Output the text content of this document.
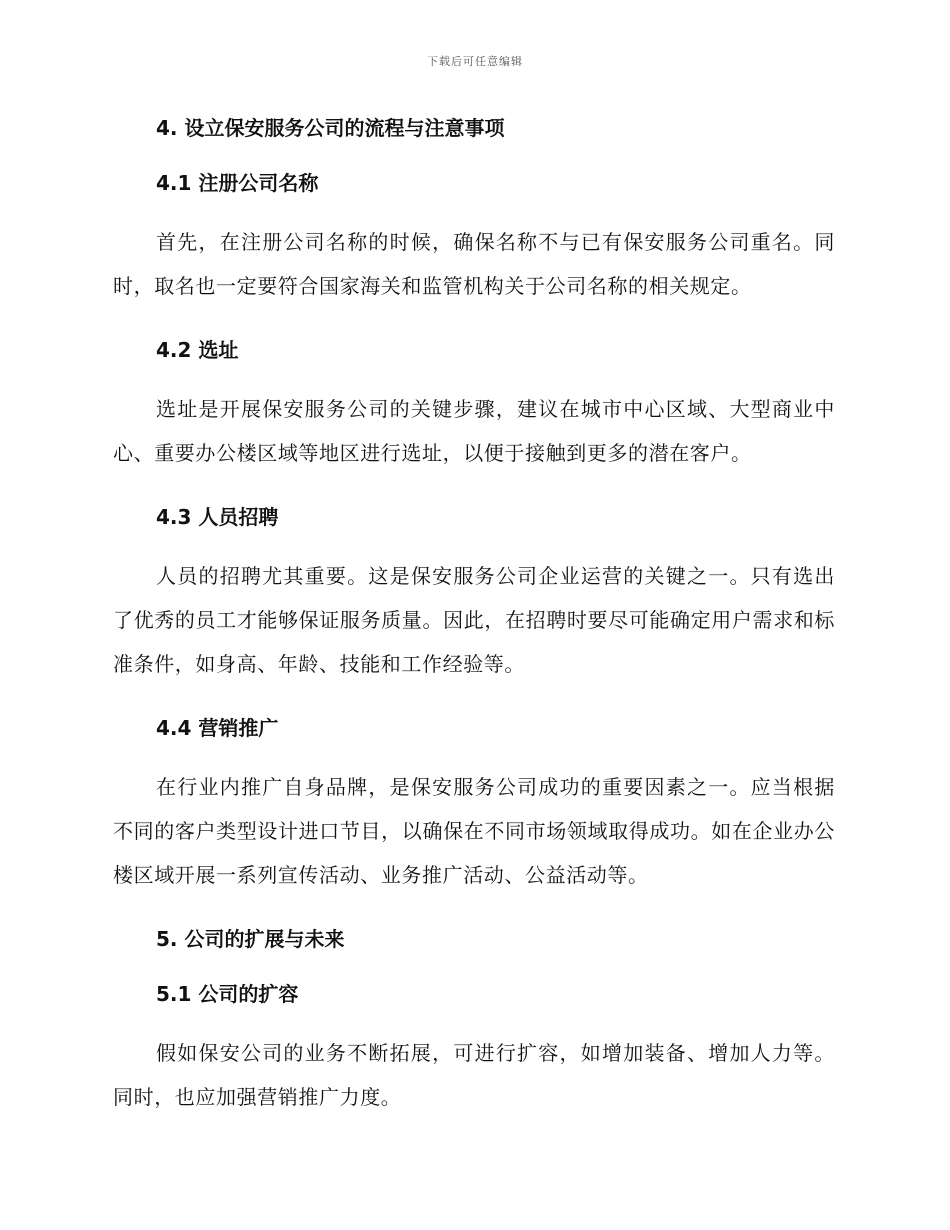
下载后可任意编辑
4. 设立保安服务公司的流程与注意事项
4.1 注册公司名称

首先，在注册公司名称的时候，确保名称不与已有保安服务公司重名。同时，取名也一定要符合国家海关和监管机构关于公司名称的相关规定。

4.2 选址

选址是开展保安服务公司的关键步骤，建议在城市中心区域、大型商业中心、重要办公楼区域等地区进行选址，以便于接触到更多的潜在客户。

4.3 人员招聘

人员的招聘尤其重要。这是保安服务公司企业运营的关键之一。只有选出了优秀的员工才能够保证服务质量。因此，在招聘时要尽可能确定用户需求和标准条件，如身高、年龄、技能和工作经验等。

4.4 营销推广

在行业内推广自身品牌，是保安服务公司成功的重要因素之一。应当根据不同的客户类型设计进口节目，以确保在不同市场领域取得成功。如在企业办公楼区域开展一系列宣传活动、业务推广活动、公益活动等。

5. 公司的扩展与未来
5.1 公司的扩容

假如保安公司的业务不断拓展，可进行扩容，如增加装备、增加人力等。同时，也应加强营销推广力度。
